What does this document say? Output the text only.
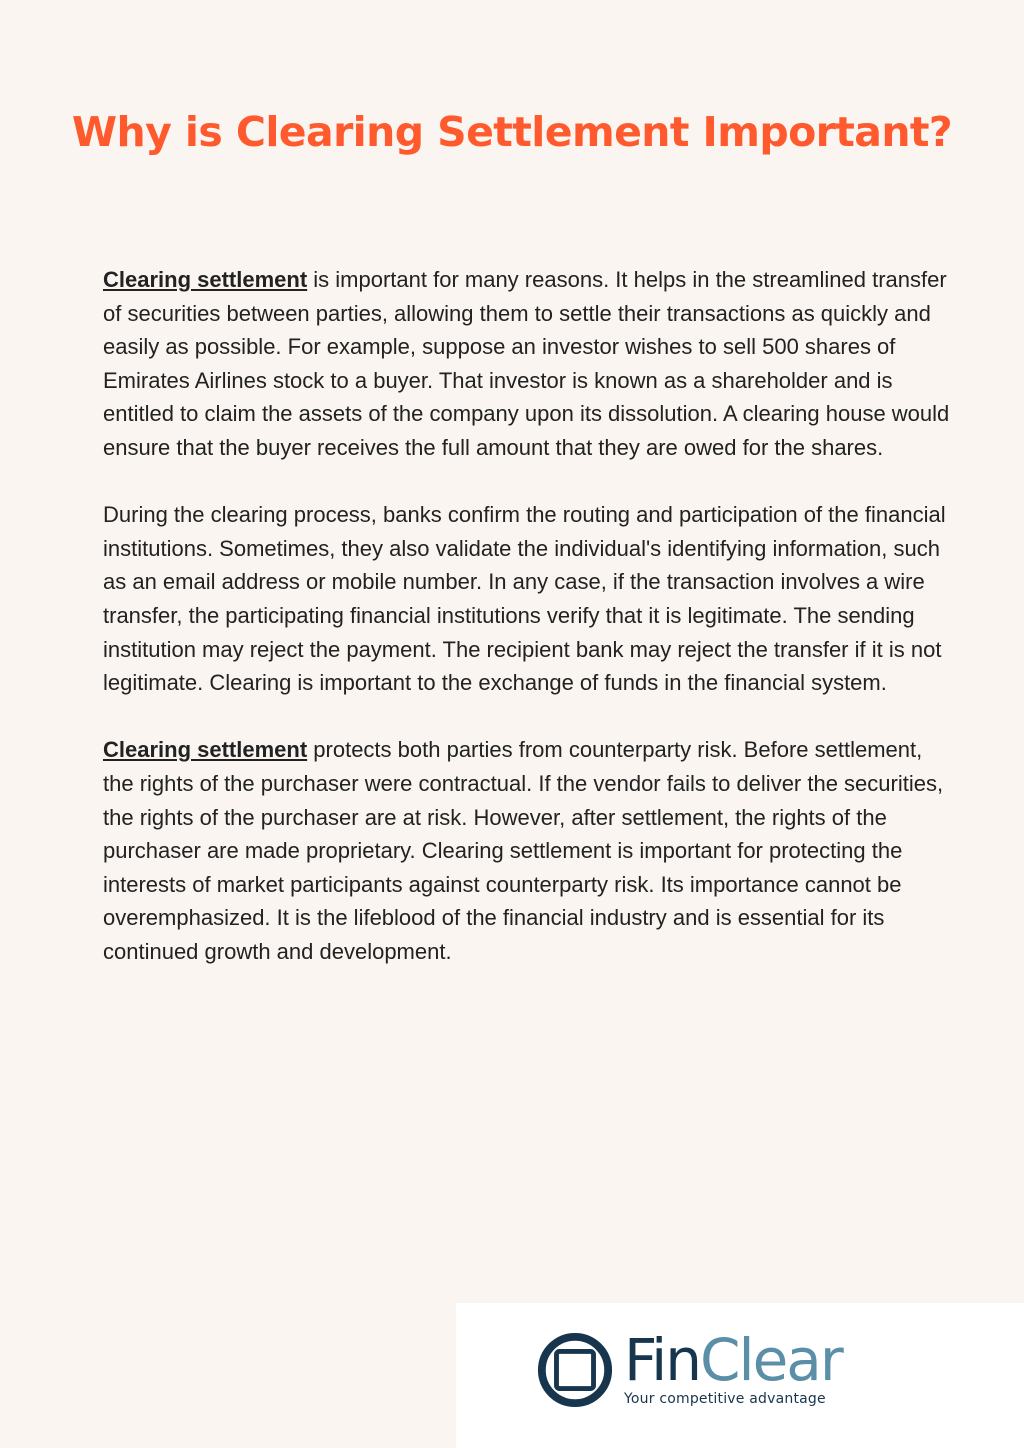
Why is Clearing Settlement Important?

Clearing settlement is important for many reasons. It helps in the streamlined transfer of securities between parties, allowing them to settle their transactions as quickly and easily as possible. For example, suppose an investor wishes to sell 500 shares of Emirates Airlines stock to a buyer. That investor is known as a shareholder and is entitled to claim the assets of the company upon its dissolution. A clearing house would ensure that the buyer receives the full amount that they are owed for the shares.

During the clearing process, banks confirm the routing and participation of the financial institutions. Sometimes, they also validate the individual's identifying information, such as an email address or mobile number. In any case, if the transaction involves a wire transfer, the participating financial institutions verify that it is legitimate. The sending institution may reject the payment. The recipient bank may reject the transfer if it is not legitimate. Clearing is important to the exchange of funds in the financial system.

Clearing settlement protects both parties from counterparty risk. Before settlement, the rights of the purchaser were contractual. If the vendor fails to deliver the securities, the rights of the purchaser are at risk. However, after settlement, the rights of the purchaser are made proprietary. Clearing settlement is important for protecting the interests of market participants against counterparty risk. Its importance cannot be overemphasized. It is the lifeblood of the financial industry and is essential for its continued growth and development.

FinClear
Your competitive advantage
